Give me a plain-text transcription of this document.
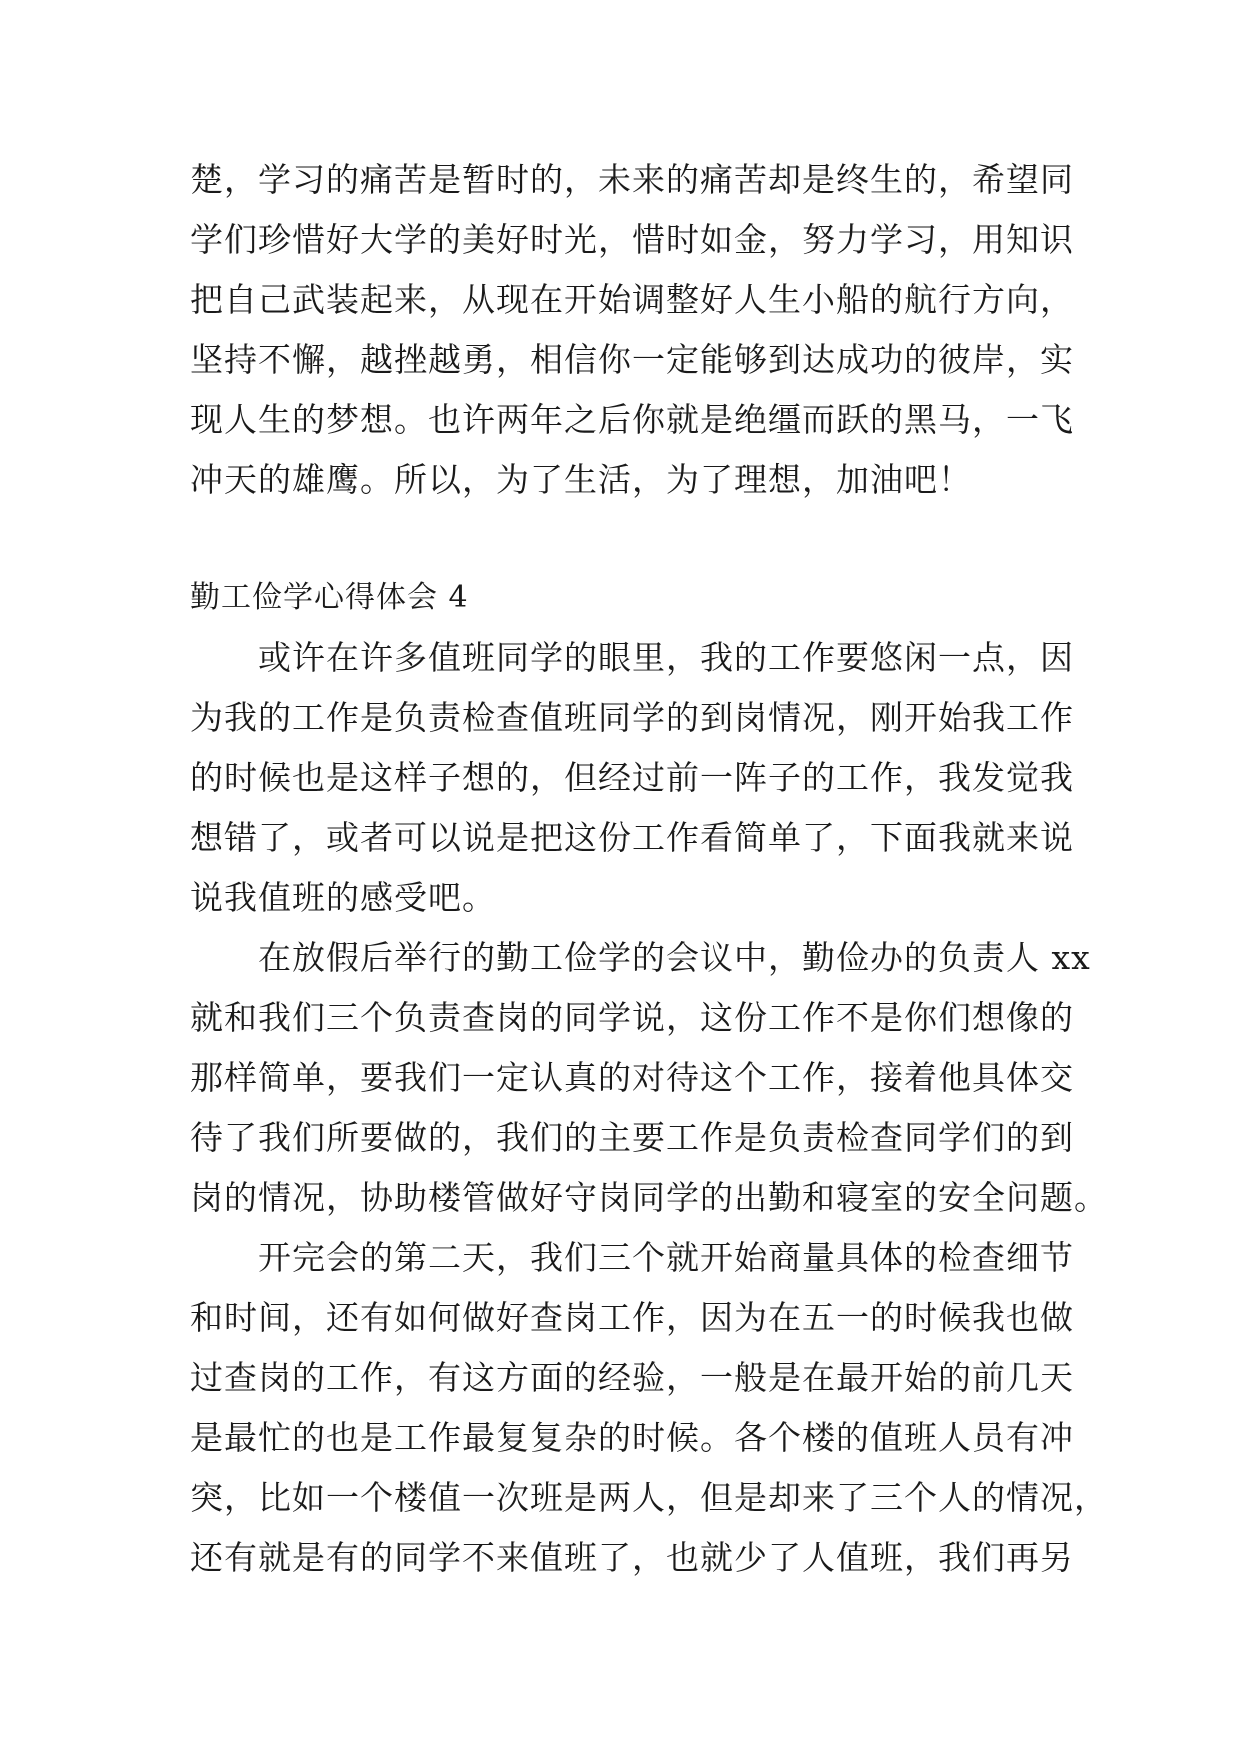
楚，学习的痛苦是暂时的，未来的痛苦却是终生的，希望同
学们珍惜好大学的美好时光，惜时如金，努力学习，用知识
把自己武装起来，从现在开始调整好人生小船的航行方向，
坚持不懈，越挫越勇，相信你一定能够到达成功的彼岸，实
现人生的梦想。也许两年之后你就是绝缰而跃的黑马，一飞
冲天的雄鹰。所以，为了生活，为了理想，加油吧！
勤工俭学心得体会 4
　　或许在许多值班同学的眼里，我的工作要悠闲一点，因
为我的工作是负责检查值班同学的到岗情况，刚开始我工作
的时候也是这样子想的，但经过前一阵子的工作，我发觉我
想错了，或者可以说是把这份工作看简单了，下面我就来说
说我值班的感受吧。
　　在放假后举行的勤工俭学的会议中，勤俭办的负责人 xx
就和我们三个负责查岗的同学说，这份工作不是你们想像的
那样简单，要我们一定认真的对待这个工作，接着他具体交
待了我们所要做的，我们的主要工作是负责检查同学们的到
岗的情况，协助楼管做好守岗同学的出勤和寝室的安全问题。
　　开完会的第二天，我们三个就开始商量具体的检查细节
和时间，还有如何做好查岗工作，因为在五一的时候我也做
过查岗的工作，有这方面的经验，一般是在最开始的前几天
是最忙的也是工作最复复杂的时候。各个楼的值班人员有冲
突，比如一个楼值一次班是两人，但是却来了三个人的情况，
还有就是有的同学不来值班了，也就少了人值班，我们再另
